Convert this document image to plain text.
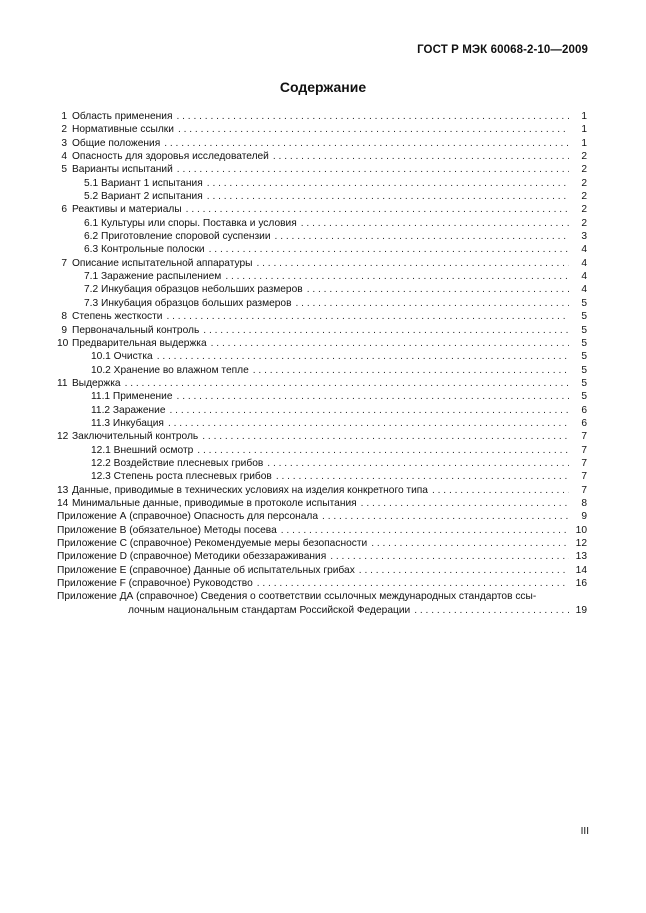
ГОСТ Р МЭК 60068-2-10—2009
Содержание
1 Область применения . . .	1
2 Нормативные ссылки . . .	1
3 Общие положения . . .	1
4 Опасность для здоровья исследователей . . .	2
5 Варианты испытаний . . .	2
5.1 Вариант 1 испытания . . .	2
5.2 Вариант 2 испытания . . .	2
6 Реактивы и материалы . . .	2
6.1 Культуры или споры. Поставка и условия . . .	2
6.2 Приготовление споровой суспензии . . .	3
6.3 Контрольные полоски . . .	4
7 Описание испытательной аппаратуры . . .	4
7.1 Заражение распылением . . .	4
7.2 Инкубация образцов небольших размеров . . .	4
7.3 Инкубация образцов больших размеров . . .	5
8 Степень жесткости . . .	5
9 Первоначальный контроль . . .	5
10 Предварительная выдержка . . .	5
10.1 Очистка . . .	5
10.2 Хранение во влажном тепле . . .	5
11 Выдержка . . .	5
11.1 Применение . . .	5
11.2 Заражение . . .	6
11.3 Инкубация . . .	6
12 Заключительный контроль . . .	7
12.1 Внешний осмотр . . .	7
12.2 Воздействие плесневых грибов . . .	7
12.3 Степень роста плесневых грибов . . .	7
13 Данные, приводимые в технических условиях на изделия конкретного типа . . .	7
14 Минимальные данные, приводимые в протоколе испытания . . .	8
Приложение А (справочное) Опасность для персонала . . .	9
Приложение В (обязательное) Методы посева . . .	10
Приложение С (справочное) Рекомендуемые меры безопасности . . .	12
Приложение D (справочное) Методики обеззараживания . . .	13
Приложение Е (справочное) Данные об испытательных грибах . . .	14
Приложение F (справочное) Руководство . . .	16
Приложение ДА (справочное) Сведения о соответствии ссылочных международных стандартов ссы-
лочным национальным стандартам Российской Федерации . . .	19
III
